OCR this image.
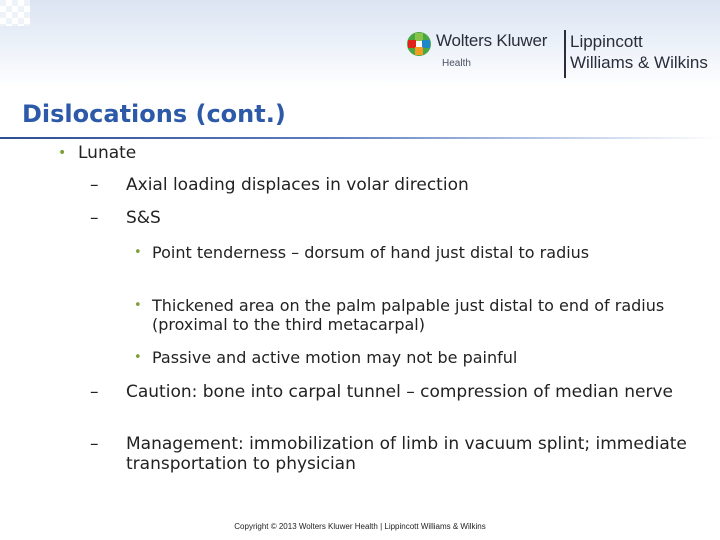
Wolters Kluwer
Health
Lippincott
Williams & Wilkins
Dislocations (cont.)
• Lunate
– Axial loading displaces in volar direction
– S&S
• Point tenderness – dorsum of hand just distal to radius
• Thickened area on the palm palpable just distal to end of radius (proximal to the third metacarpal)
• Passive and active motion may not be painful
– Caution: bone into carpal tunnel – compression of median nerve
– Management: immobilization of limb in vacuum splint; immediate transportation to physician
Copyright © 2013 Wolters Kluwer Health | Lippincott Williams & Wilkins
